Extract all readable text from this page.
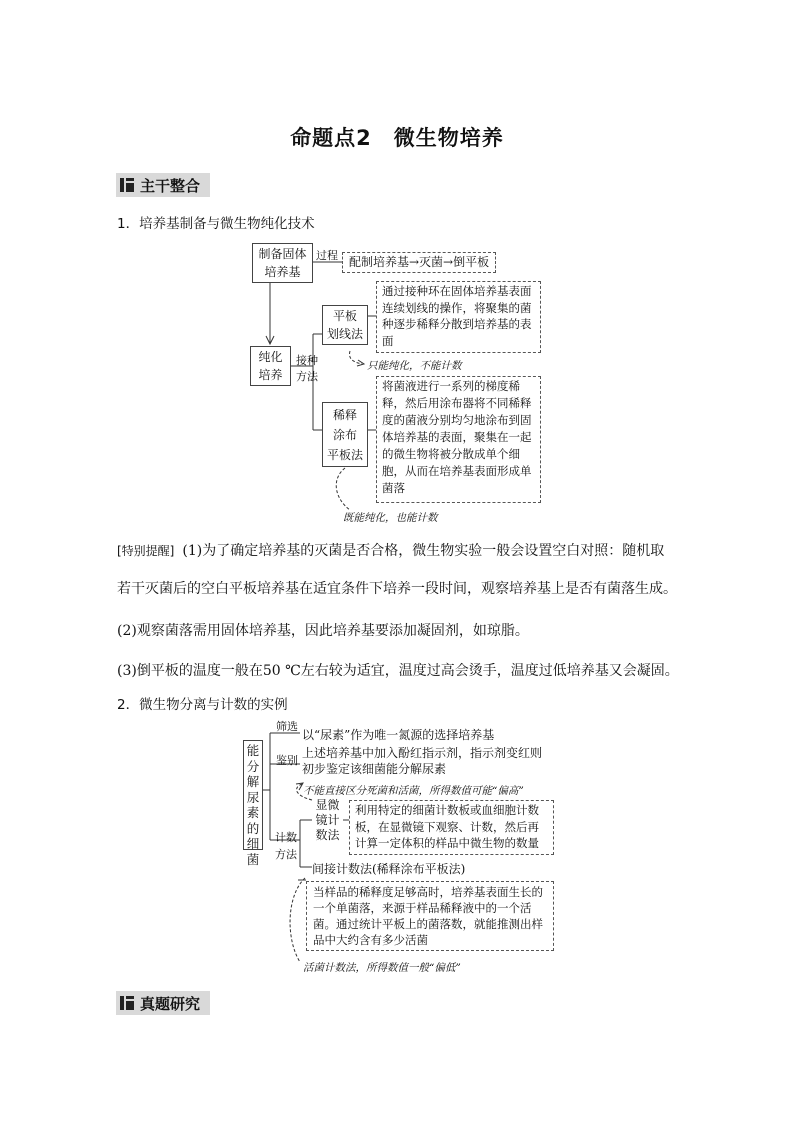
命题点2　微生物培养
主干整合
1．培养基制备与微生物纯化技术
制备固体
培养基
过程 配制培养基→灭菌→倒平板
纯化
培养
接种
方法
平板
划线法
通过接种环在固体培养基表面连续划线的操作，将聚集的菌种逐步稀释分散到培养基的表面
只能纯化，不能计数
稀释
涂布
平板法
将菌液进行一系列的梯度稀释，然后用涂布器将不同稀释度的菌液分别均匀地涂布到固体培养基的表面，聚集在一起的微生物将被分散成单个细胞，从而在培养基表面形成单菌落
既能纯化，也能计数
[特别提醒] (1)为了确定培养基的灭菌是否合格，微生物实验一般会设置空白对照：随机取
若干灭菌后的空白平板培养基在适宜条件下培养一段时间，观察培养基上是否有菌落生成。
(2)观察菌落需用固体培养基，因此培养基要添加凝固剂，如琼脂。
(3)倒平板的温度一般在50 ℃左右较为适宜，温度过高会烫手，温度过低培养基又会凝固。
2．微生物分离与计数的实例
能分解尿素的细菌
筛选
以“尿素”作为唯一氮源的选择培养基
鉴别
上述培养基中加入酚红指示剂，指示剂变红则初步鉴定该细菌能分解尿素
不能直接区分死菌和活菌，所得数值可能“偏高”
计数
方法
显微
镜计
数法
利用特定的细菌计数板或血细胞计数板，在显微镜下观察、计数，然后再计算一定体积的样品中微生物的数量
间接计数法(稀释涂布平板法)
当样品的稀释度足够高时，培养基表面生长的一个单菌落，来源于样品稀释液中的一个活菌。通过统计平板上的菌落数，就能推测出样品中大约含有多少活菌
活菌计数法，所得数值一般“偏低”
真题研究
